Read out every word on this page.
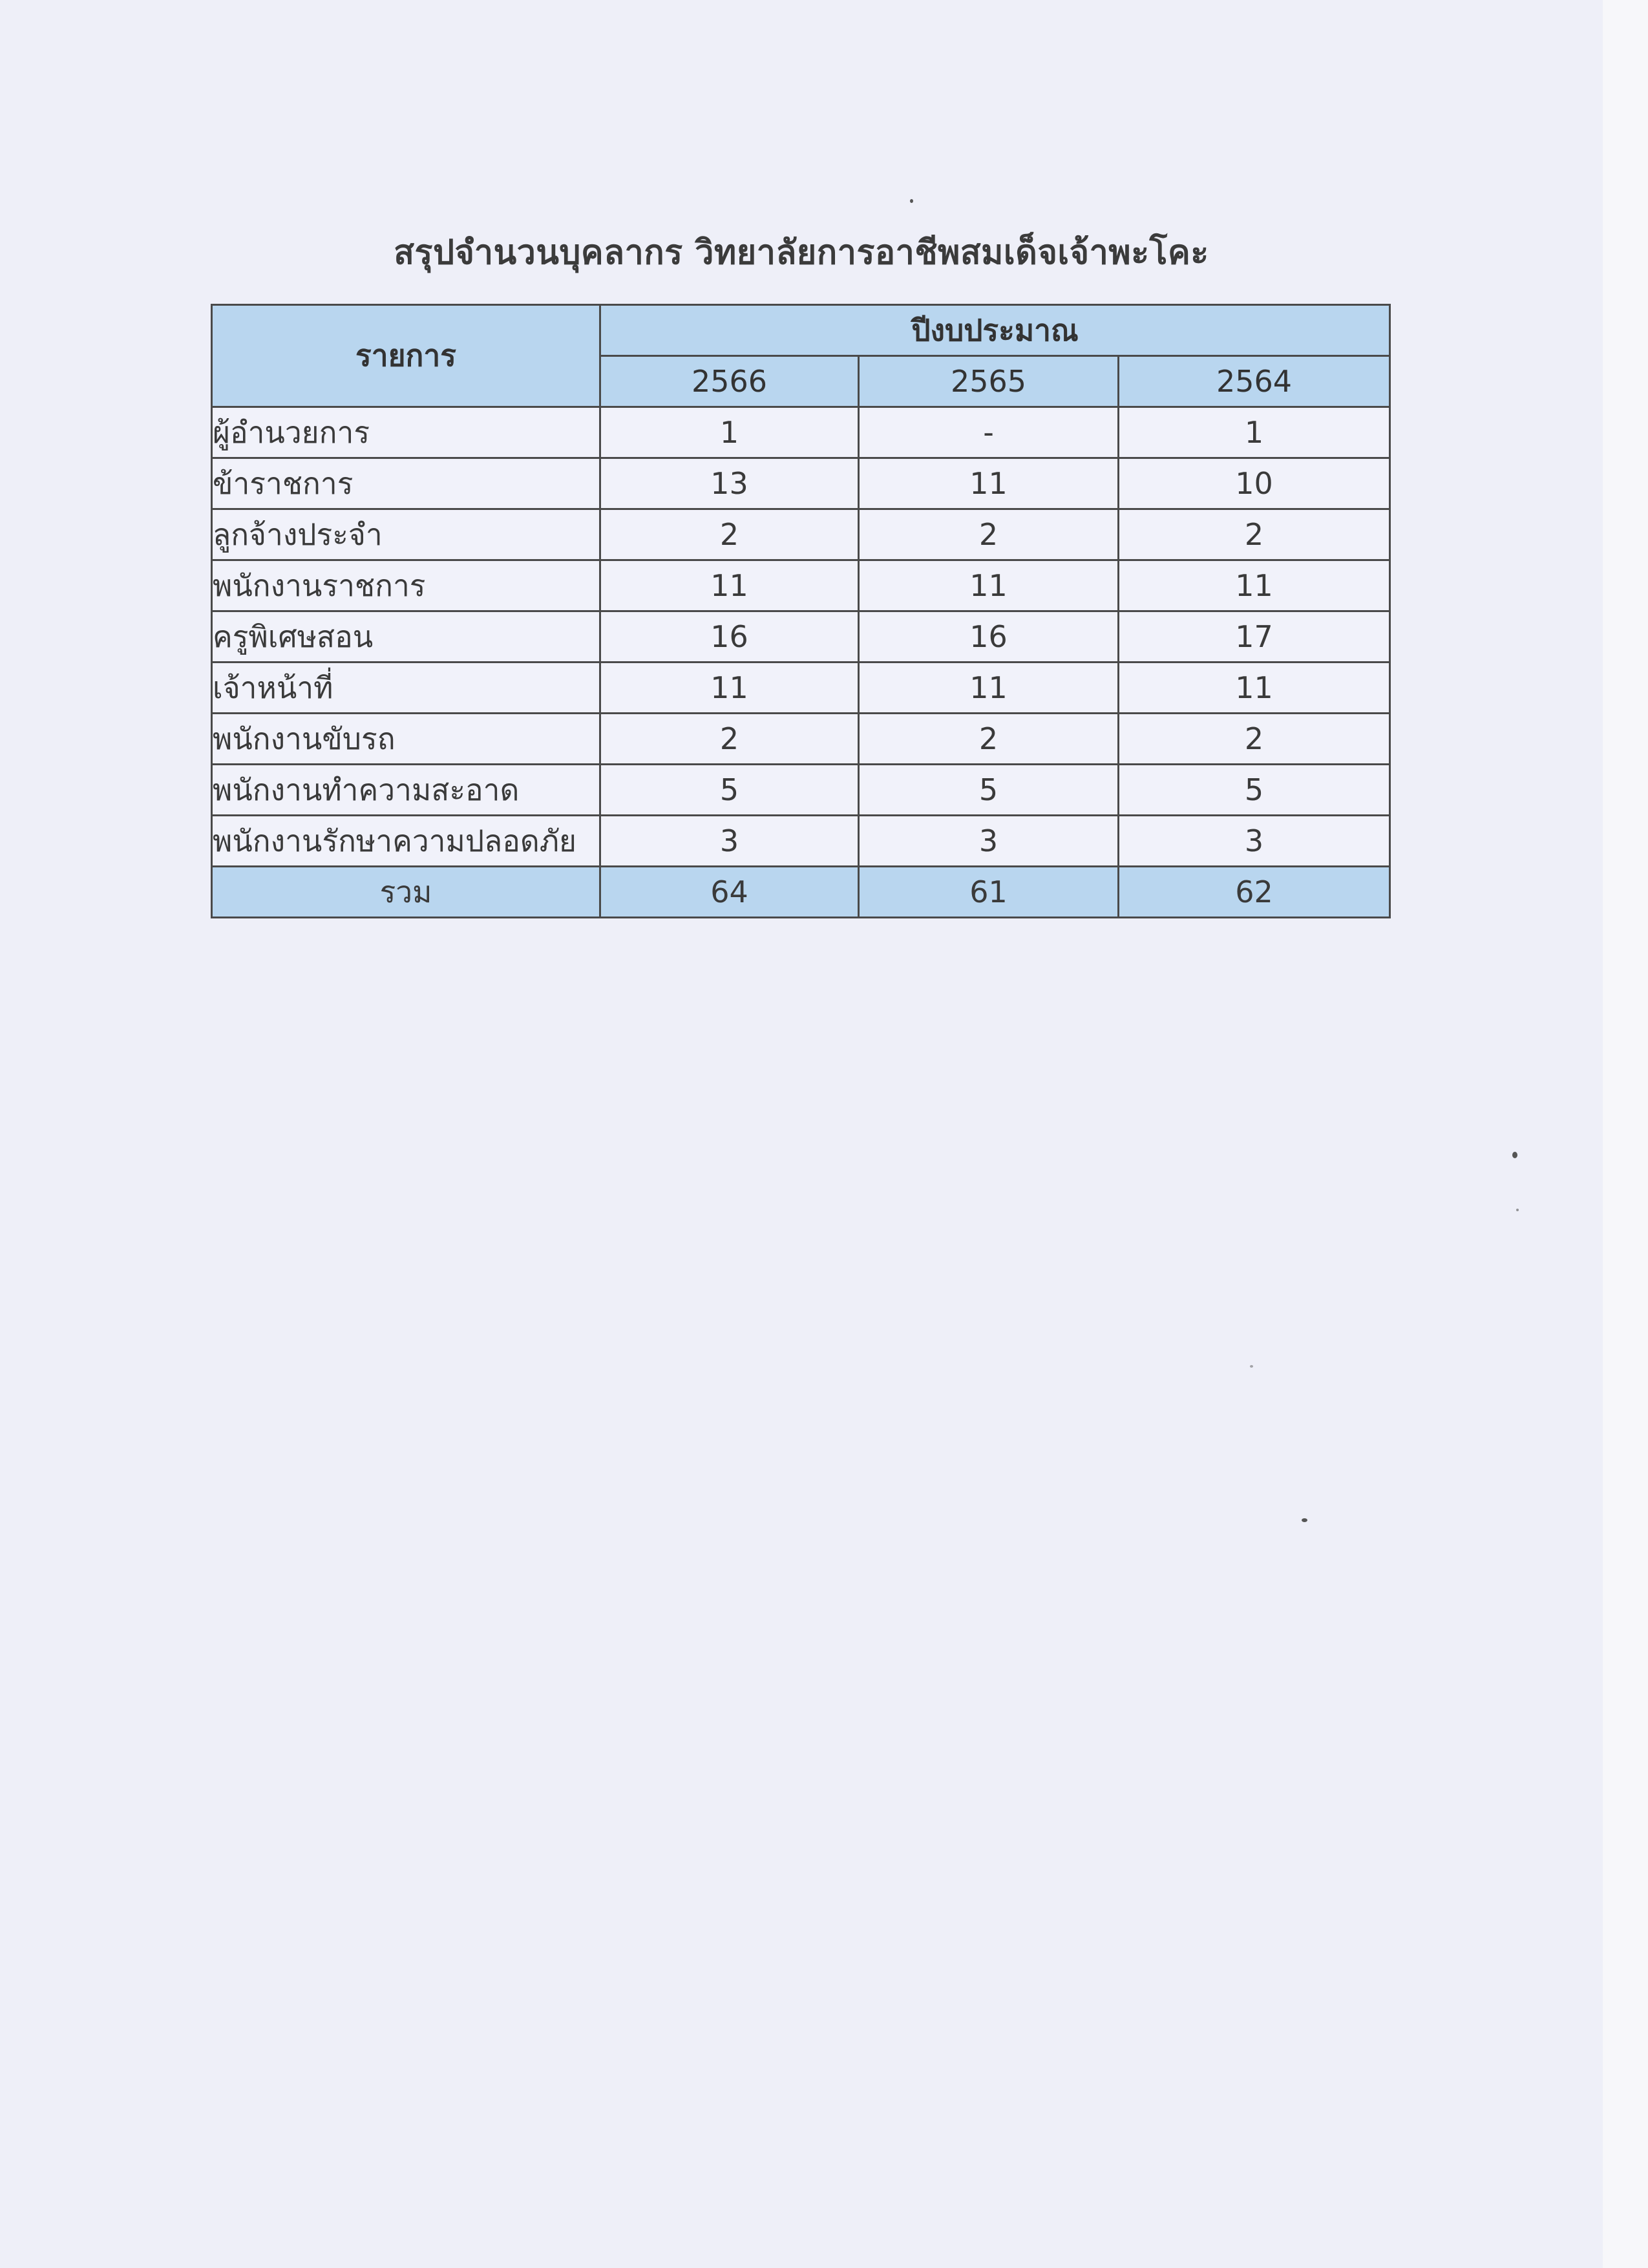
สรุปจำนวนบุคลากร วิทยาลัยการอาชีพสมเด็จเจ้าพะโคะ
รายการ	ปีงบประมาณ		
	2566	2565	2564
ผู้อำนวยการ	1	-	1
ข้าราชการ	13	11	10
ลูกจ้างประจำ	2	2	2
พนักงานราชการ	11	11	11
ครูพิเศษสอน	16	16	17
เจ้าหน้าที่	11	11	11
พนักงานขับรถ	2	2	2
พนักงานทำความสะอาด	5	5	5
พนักงานรักษาความปลอดภัย	3	3	3
รวม	64	61	62
